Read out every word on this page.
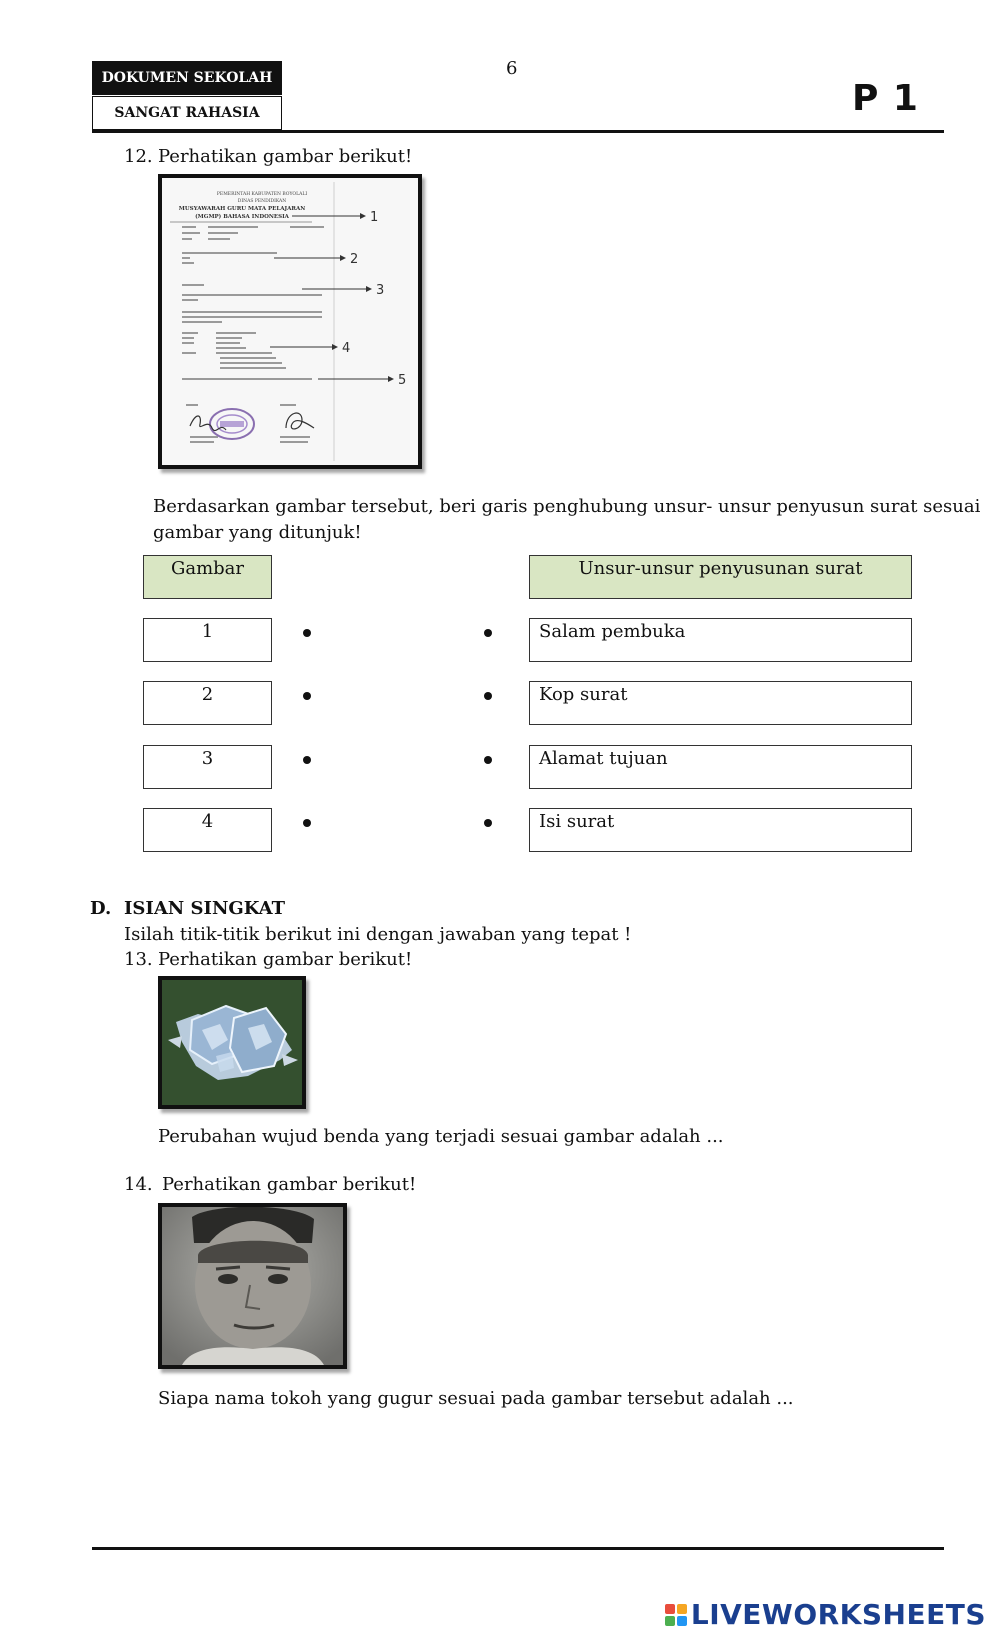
DOKUMEN SEKOLAH
SANGAT RAHASIA
6
P 1
12. Perhatikan gambar berikut!
PEMERINTAH KABUPATEN BOYOLALI
DINAS PENDIDIKAN
MUSYAWARAH GURU MATA PELAJARAN
(MGMP) BAHASA INDONESIA	1
2
3
4
5
Berdasarkan gambar tersebut, beri garis penghubung unsur- unsur penyusun surat sesuai
gambar yang ditunjuk!
Gambar	Unsur-unsur penyusunan surat
1	Salam pembuka
2	Kop surat
3	Alamat tujuan
4	Isi surat
D. ISIAN SINGKAT
Isilah titik-titik berikut ini dengan jawaban yang tepat !
13. Perhatikan gambar berikut!
Perubahan wujud benda yang terjadi sesuai gambar adalah ...
14. Perhatikan gambar berikut!
Siapa nama tokoh yang gugur sesuai pada gambar tersebut adalah ...
LIVEWORKSHEETS
